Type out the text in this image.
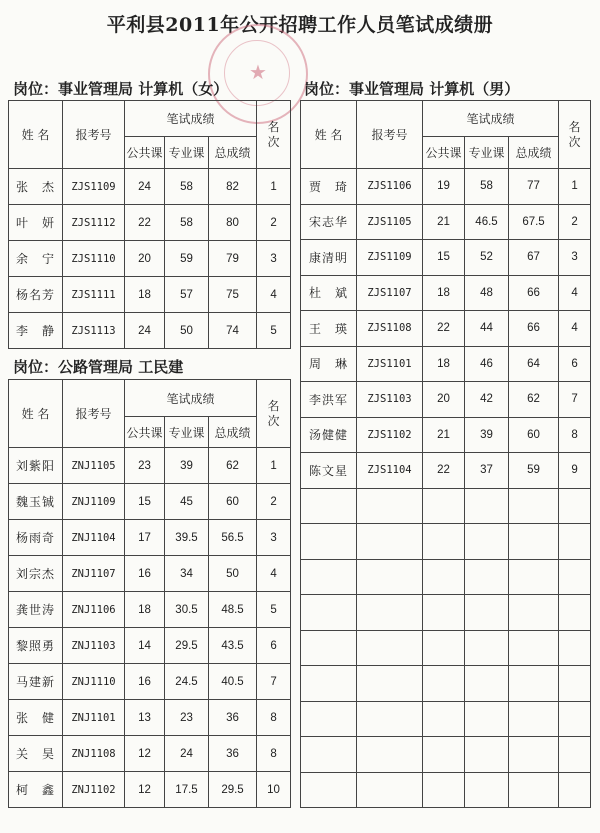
平利县2011年公开招聘工作人员笔试成绩册
★
岗位：事业管理局 计算机（女）
姓 名	报考号	笔试成绩			名
次
		公共课	专业课	总成绩	
张　杰	ZJS1109	24	58	82	1
叶　妍	ZJS1112	22	58	80	2
余　宁	ZJS1110	20	59	79	3
杨名芳	ZJS1111	18	57	75	4
李　静	ZJS1113	24	50	74	5
岗位：公路管理局 工民建
姓 名	报考号	笔试成绩			名
次
		公共课	专业课	总成绩	
刘紫阳	ZNJ1105	23	39	62	1
魏玉铖	ZNJ1109	15	45	60	2
杨雨奇	ZNJ1104	17	39.5	56.5	3
刘宗杰	ZNJ1107	16	34	50	4
龚世涛	ZNJ1106	18	30.5	48.5	5
黎照勇	ZNJ1103	14	29.5	43.5	6
马建新	ZNJ1110	16	24.5	40.5	7
张　健	ZNJ1101	13	23	36	8
关　昊	ZNJ1108	12	24	36	8
柯　鑫	ZNJ1102	12	17.5	29.5	10
岗位：事业管理局 计算机（男）
姓 名	报考号	笔试成绩			名
次
		公共课	专业课	总成绩	
贾　琦	ZJS1106	19	58	77	1
宋志华	ZJS1105	21	46.5	67.5	2
康清明	ZJS1109	15	52	67	3
杜　斌	ZJS1107	18	48	66	4
王　瑛	ZJS1108	22	44	66	4
周　琳	ZJS1101	18	46	64	6
李洪军	ZJS1103	20	42	62	7
汤健健	ZJS1102	21	39	60	8
陈文星	ZJS1104	22	37	59	9
